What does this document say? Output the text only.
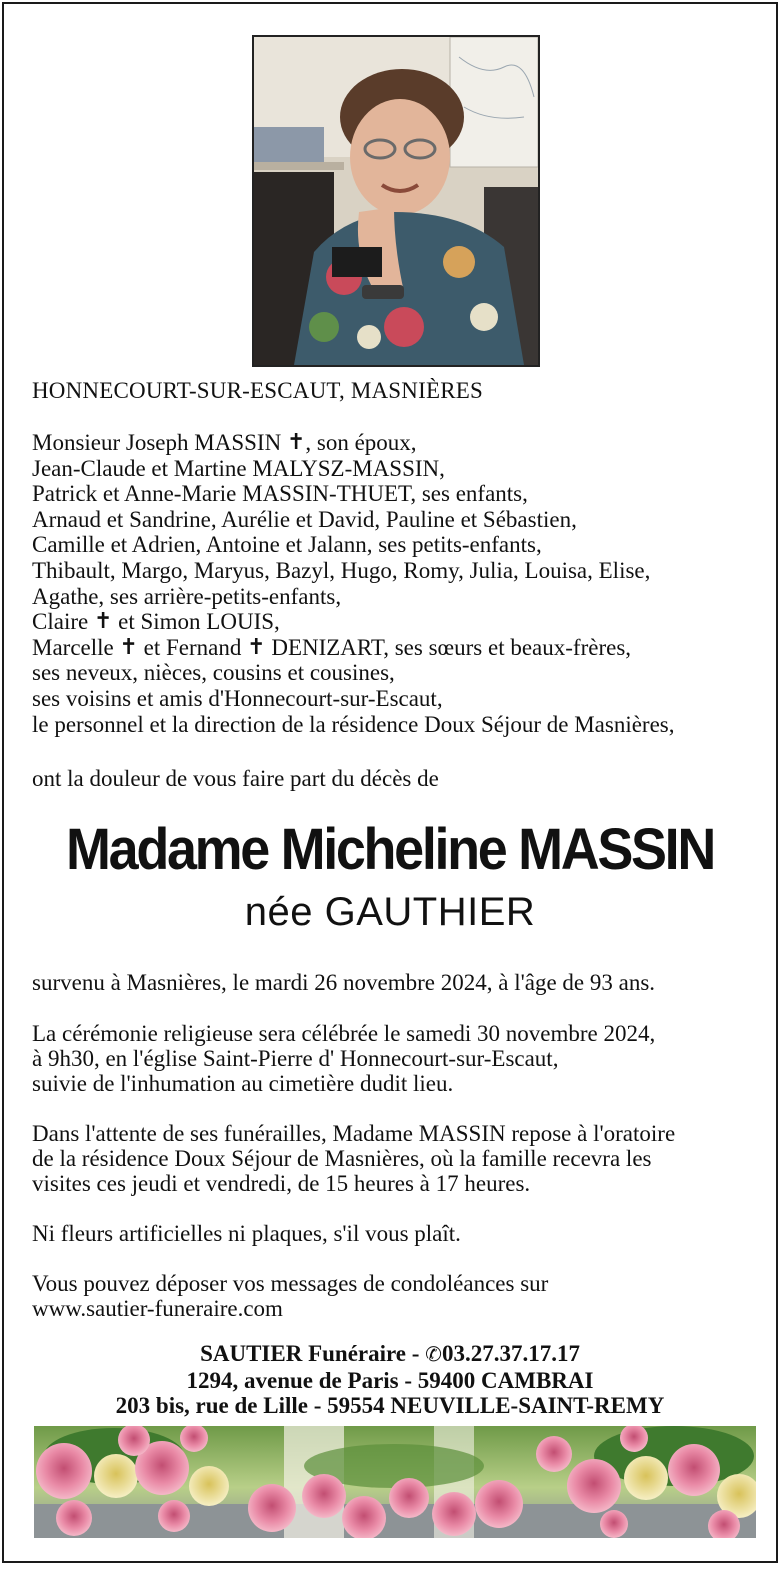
HONNECOURT-SUR-ESCAUT, MASNIÈRES

Monsieur Joseph MASSIN ✝, son époux,
Jean-Claude et Martine MALYSZ-MASSIN,
Patrick et Anne-Marie MASSIN-THUET, ses enfants,
Arnaud et Sandrine, Aurélie et David, Pauline et Sébastien,
Camille et Adrien, Antoine et Jalann, ses petits-enfants,
Thibault, Margo, Maryus, Bazyl, Hugo, Romy, Julia, Louisa, Elise,
Agathe, ses arrière-petits-enfants,
Claire ✝ et Simon LOUIS,
Marcelle ✝ et Fernand ✝ DENIZART, ses sœurs et beaux-frères,
ses neveux, nièces, cousins et cousines,
ses voisins et amis d'Honnecourt-sur-Escaut,
le personnel et la direction de la résidence Doux Séjour de Masnières,

ont la douleur de vous faire part du décès de

Madame Micheline MASSIN

née GAUTHIER

survenu à Masnières, le mardi 26 novembre 2024, à l'âge de 93 ans.

La cérémonie religieuse sera célébrée le samedi 30 novembre 2024,
à 9h30, en l'église Saint-Pierre d' Honnecourt-sur-Escaut,
suivie de l'inhumation au cimetière dudit lieu.

Dans l'attente de ses funérailles, Madame MASSIN repose à l'oratoire
de la résidence Doux Séjour de Masnières, où la famille recevra les
visites ces jeudi et vendredi, de 15 heures à 17 heures.

Ni fleurs artificielles ni plaques, s'il vous plaît.

Vous pouvez déposer vos messages de condoléances sur
www.sautier-funeraire.com

SAUTIER Funéraire - ✆03.27.37.17.17
1294, avenue de Paris - 59400 CAMBRAI
203 bis, rue de Lille - 59554 NEUVILLE-SAINT-REMY
